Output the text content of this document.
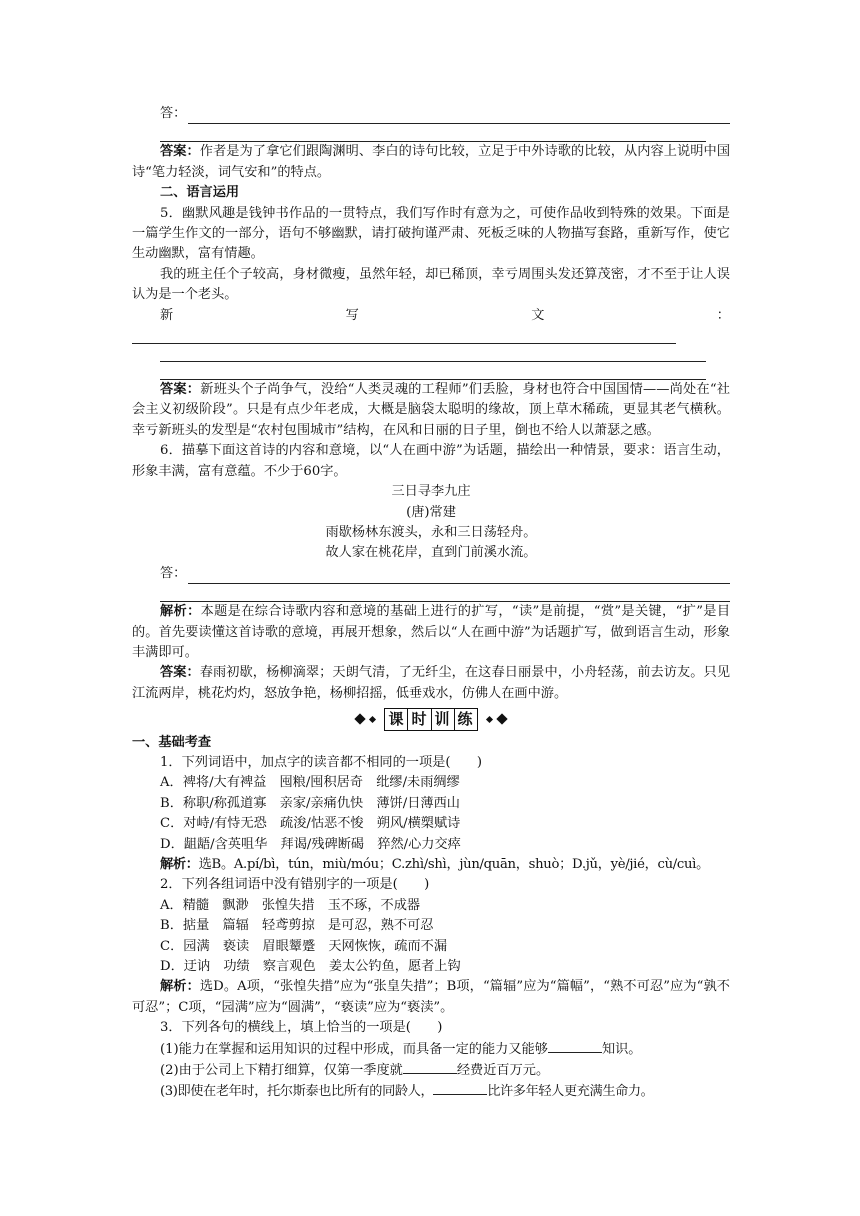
答：

答案：作者是为了拿它们跟陶渊明、李白的诗句比较，立足于中外诗歌的比较，从内容上说明中国诗“笔力轻淡，词气安和”的特点。

二、语言运用

5．幽默风趣是钱钟书作品的一贯特点，我们写作时有意为之，可使作品收到特殊的效果。下面是一篇学生作文的一部分，语句不够幽默，请打破拘谨严肃、死板乏味的人物描写套路，重新写作，使它生动幽默，富有情趣。

我的班主任个子较高，身材微瘦，虽然年轻，却已稀顶，幸亏周围头发还算茂密，才不至于让人误认为是一个老头。

新	写	文	：

答案：新班头个子尚争气，没给“人类灵魂的工程师”们丢脸，身材也符合中国国情——尚处在“社会主义初级阶段”。只是有点少年老成，大概是脑袋太聪明的缘故，顶上草木稀疏，更显其老气横秋。幸亏新班头的发型是“农村包围城市”结构，在风和日丽的日子里，倒也不给人以萧瑟之感。

6．描摹下面这首诗的内容和意境，以“人在画中游”为话题，描绘出一种情景，要求：语言生动，形象丰满，富有意蕴。不少于60字。

三日寻李九庄

(唐)常建

雨歇杨林东渡头，永和三日荡轻舟。

故人家在桃花岸，直到门前溪水流。

答：

解析：本题是在综合诗歌内容和意境的基础上进行的扩写，“读”是前提，“赏”是关键，“扩”是目的。首先要读懂这首诗歌的意境，再展开想象，然后以“人在画中游”为话题扩写，做到语言生动，形象丰满即可。

答案：春雨初歇，杨柳滴翠；天朗气清，了无纤尘，在这春日丽景中，小舟轻荡，前去访友。只见江流两岸，桃花灼灼，怒放争艳，杨柳招摇，低垂戏水，仿佛人在画中游。

课 时 训 练

一、基础考查

1．下列词语中，加点字的读音都不相同的一项是(　　)

A．裨将/大有裨益　囤粮/囤积居奇　纰缪/未雨绸缪

B．称职/称孤道寡　亲家/亲痛仇快　薄饼/日薄西山

C．对峙/有恃无恐　疏浚/怙恶不悛　朔风/横槊赋诗

D．龃龉/含英咀华　拜谒/残碑断碣　猝然/心力交瘁

解析：选B。A.pí/bì，tún，miù/móu；C.zhì/shì，jùn/quān，shuò；D.jǔ，yè/jié，cù/cuì。

2．下列各组词语中没有错别字的一项是(　　)

A．精髓　飘渺　张惶失措　玉不琢，不成器

B．掂量　篇辐　轻鸢剪掠　是可忍，熟不可忍

C．园满　亵读　眉眼颦蹙　天网恢恢，疏而不漏

D．迂讷　功绩　察言观色　姜太公钓鱼，愿者上钩

解析：选D。A项，“张惶失措”应为“张皇失措”；B项，“篇辐”应为“篇幅”，“熟不可忍”应为“孰不可忍”；C项，“园满”应为“圆满”，“亵读”应为“亵渎”。

3．下列各句的横线上，填上恰当的一项是(　　)

(1)能力在掌握和运用知识的过程中形成，而具备一定的能力又能够	知识。

(2)由于公司上下精打细算，仅第一季度就	经费近百万元。

(3)即使在老年时，托尔斯泰也比所有的同龄人，	比许多年轻人更充满生命力。
